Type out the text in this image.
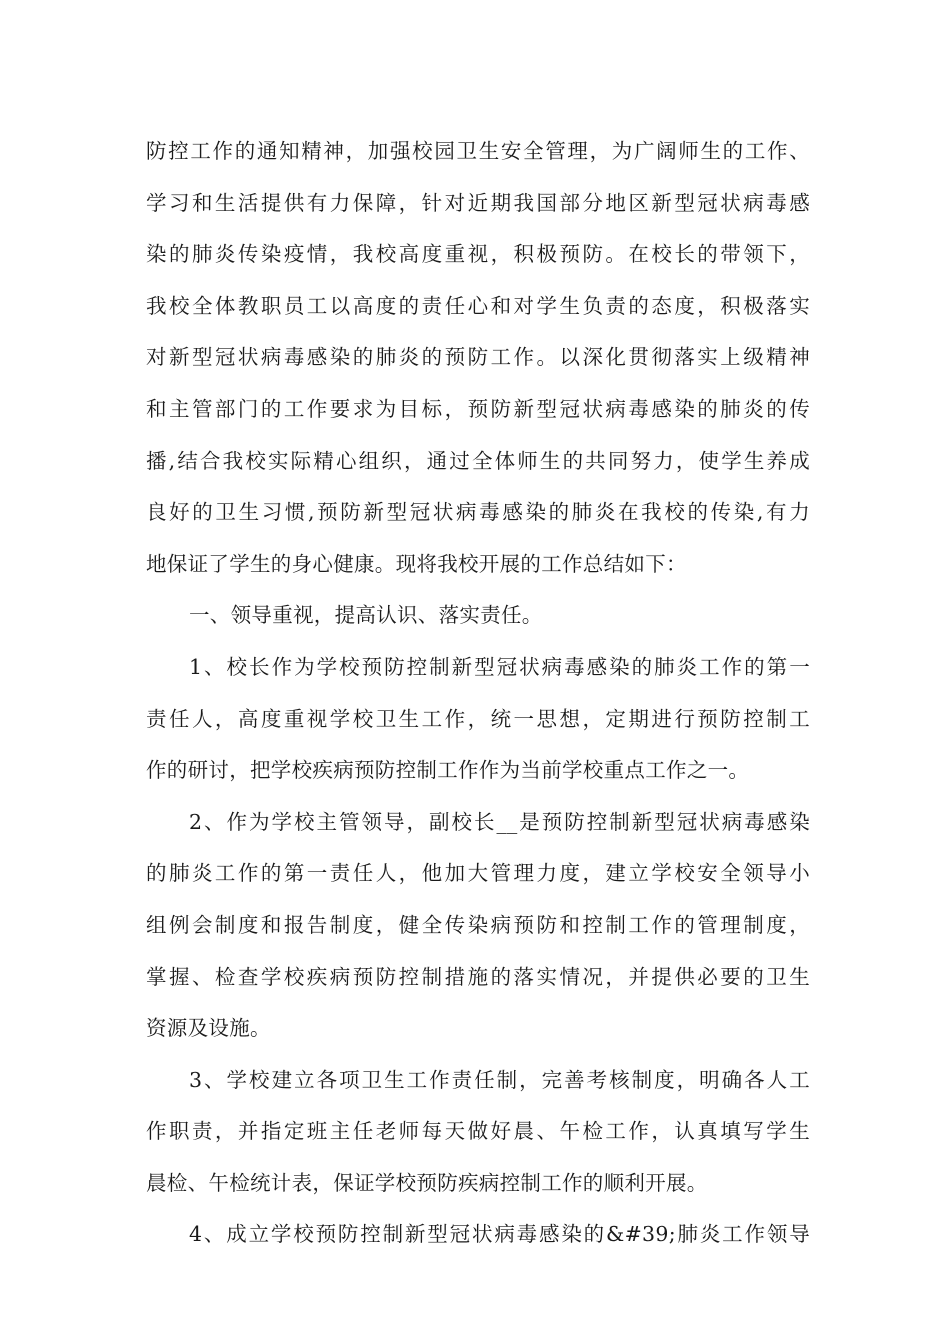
防控工作的通知精神，加强校园卫生安全管理，为广阔师生的工作、
学习和生活提供有力保障，针对近期我国部分地区新型冠状病毒感
染的肺炎传染疫情，我校高度重视，积极预防。在校长的带领下，
我校全体教职员工以高度的责任心和对学生负责的态度，积极落实
对新型冠状病毒感染的肺炎的预防工作。以深化贯彻落实上级精神
和主管部门的工作要求为目标，预防新型冠状病毒感染的肺炎的传
播,结合我校实际精心组织，通过全体师生的共同努力，使学生养成
良好的卫生习惯,预防新型冠状病毒感染的肺炎在我校的传染,有力
地保证了学生的身心健康。现将我校开展的工作总结如下：
一、领导重视，提高认识、落实责任。
1、校长作为学校预防控制新型冠状病毒感染的肺炎工作的第一
责任人，高度重视学校卫生工作，统一思想，定期进行预防控制工
作的研讨，把学校疾病预防控制工作作为当前学校重点工作之一。
2、作为学校主管领导，副校长__是预防控制新型冠状病毒感染
的肺炎工作的第一责任人，他加大管理力度，建立学校安全领导小
组例会制度和报告制度，健全传染病预防和控制工作的管理制度，
掌握、检查学校疾病预防控制措施的落实情况，并提供必要的卫生
资源及设施。
3、学校建立各项卫生工作责任制，完善考核制度，明确各人工
作职责，并指定班主任老师每天做好晨、午检工作，认真填写学生
晨检、午检统计表，保证学校预防疾病控制工作的顺利开展。
4、成立学校预防控制新型冠状病毒感染的&#39;肺炎工作领导
